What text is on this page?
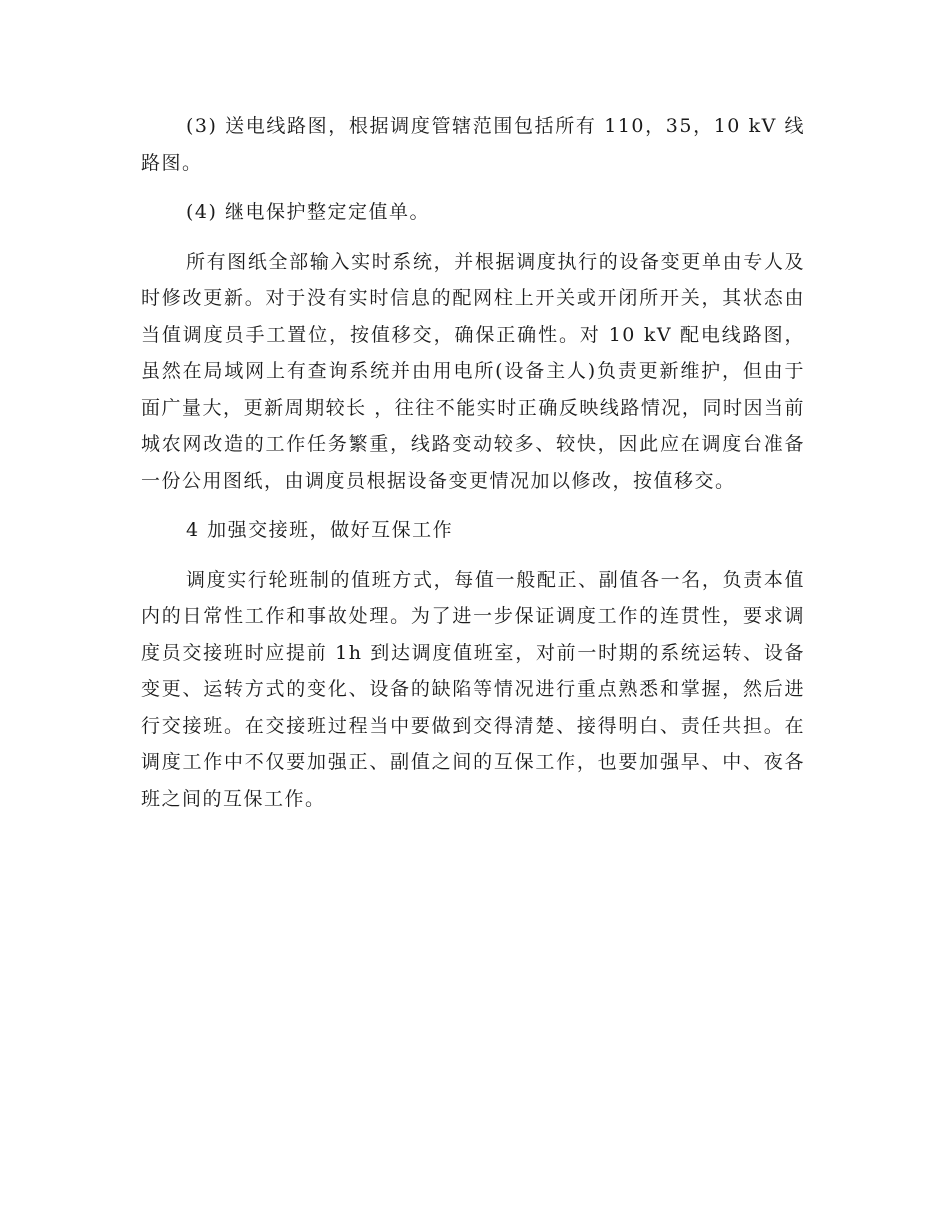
(3) 送电线路图，根据调度管辖范围包括所有 110，35，10 kV 线路图。

(4) 继电保护整定定值单。

所有图纸全部输入实时系统，并根据调度执行的设备变更单由专人及时修改更新。对于没有实时信息的配网柱上开关或开闭所开关，其状态由当值调度员手工置位，按值移交，确保正确性。对 10 kV 配电线路图，虽然在局域网上有查询系统并由用电所(设备主人)负责更新维护，但由于面广量大，更新周期较长 ，往往不能实时正确反映线路情况，同时因当前城农网改造的工作任务繁重，线路变动较多、较快，因此应在调度台准备一份公用图纸，由调度员根据设备变更情况加以修改，按值移交。

4 加强交接班，做好互保工作

调度实行轮班制的值班方式，每值一般配正、副值各一名，负责本值内的日常性工作和事故处理。为了进一步保证调度工作的连贯性，要求调度员交接班时应提前 1h 到达调度值班室，对前一时期的系统运转、设备变更、运转方式的变化、设备的缺陷等情况进行重点熟悉和掌握，然后进行交接班。在交接班过程当中要做到交得清楚、接得明白、责任共担。在调度工作中不仅要加强正、副值之间的互保工作，也要加强早、中、夜各班之间的互保工作。
